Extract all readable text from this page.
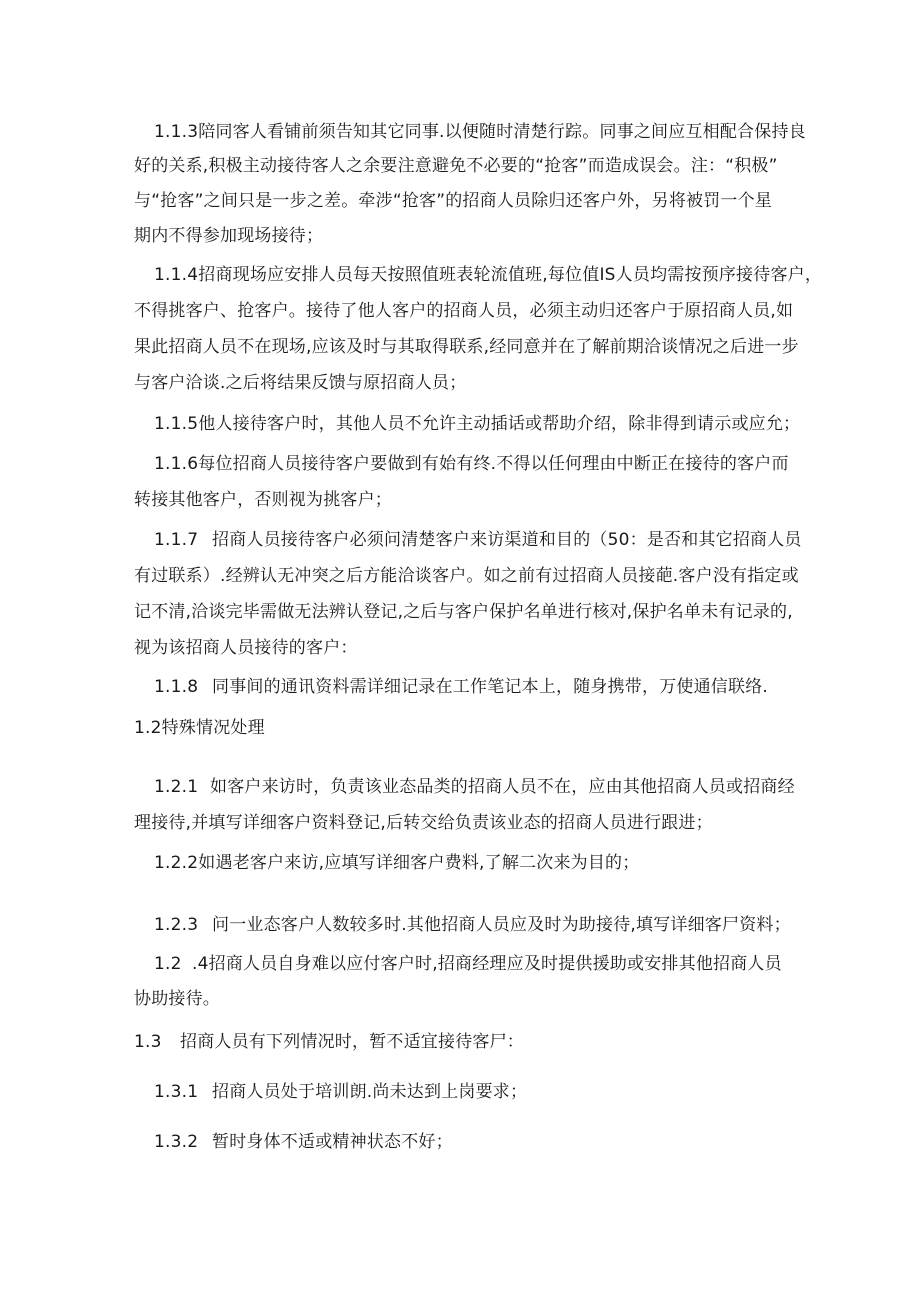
1.1.3陪同客人看铺前须告知其它同事.以便随时清楚行踪。同事之间应互相配合保持良
好的关系,积极主动接待客人之余要注意避免不必要的“抢客”而造成误会。注：“积极”
与“抢客”之间只是一步之差。牵涉“抢客”的招商人员除归还客户外，另将被罚一个星
期内不得参加现场接待；
1.1.4招商现场应安排人员每天按照值班表轮流值班,每位值IS人员均需按预序接待客户，
不得挑客户、抢客户。接待了他人客户的招商人员，必须主动归还客户于原招商人员,如
果此招商人员不在现场,应该及时与其取得联系,经同意并在了解前期洽谈情况之后进一步
与客户洽谈.之后将结果反馈与原招商人员；
1.1.5他人接待客户时，其他人员不允许主动插话或帮助介绍，除非得到请示或应允；
1.1.6每位招商人员接待客户要做到有始有终.不得以任何理由中断正在接待的客户而
转接其他客户，否则视为挑客户；
1.1.7 招商人员接待客户必须问清楚客户来访渠道和目的（50：是否和其它招商人员
有过联系）.经辨认无冲突之后方能洽谈客户。如之前有过招商人员接葩.客户没有指定或
记不清,洽谈完毕需做无法辨认登记,之后与客户保护名单进行核对,保护名单未有记录的,
视为该招商人员接待的客户：
1.1.8 同事间的通讯资料需详细记录在工作笔记本上，随身携带，万使通信联络.
1.2特殊情况处理
1.2.1 如客户来访时，负责该业态品类的招商人员不在，应由其他招商人员或招商经
理接待,并填写详细客户资料登记,后转交给负责该业态的招商人员进行跟进；
1.2.2如遇老客户来访,应填写详细客户费料,了解二次来为目的；
1.2.3 问一业态客户人数较多时.其他招商人员应及时为助接待,填写详细客尸资料；
1.2 .4招商人员自身难以应付客户时,招商经理应及时提供援助或安排其他招商人员
协助接待。
1.3 招商人员有下列情况时，暂不适宜接待客尸：
1.3.1 招商人员处于培训朗.尚未达到上岗要求；
1.3.2 暂时身体不适或精神状态不好；
